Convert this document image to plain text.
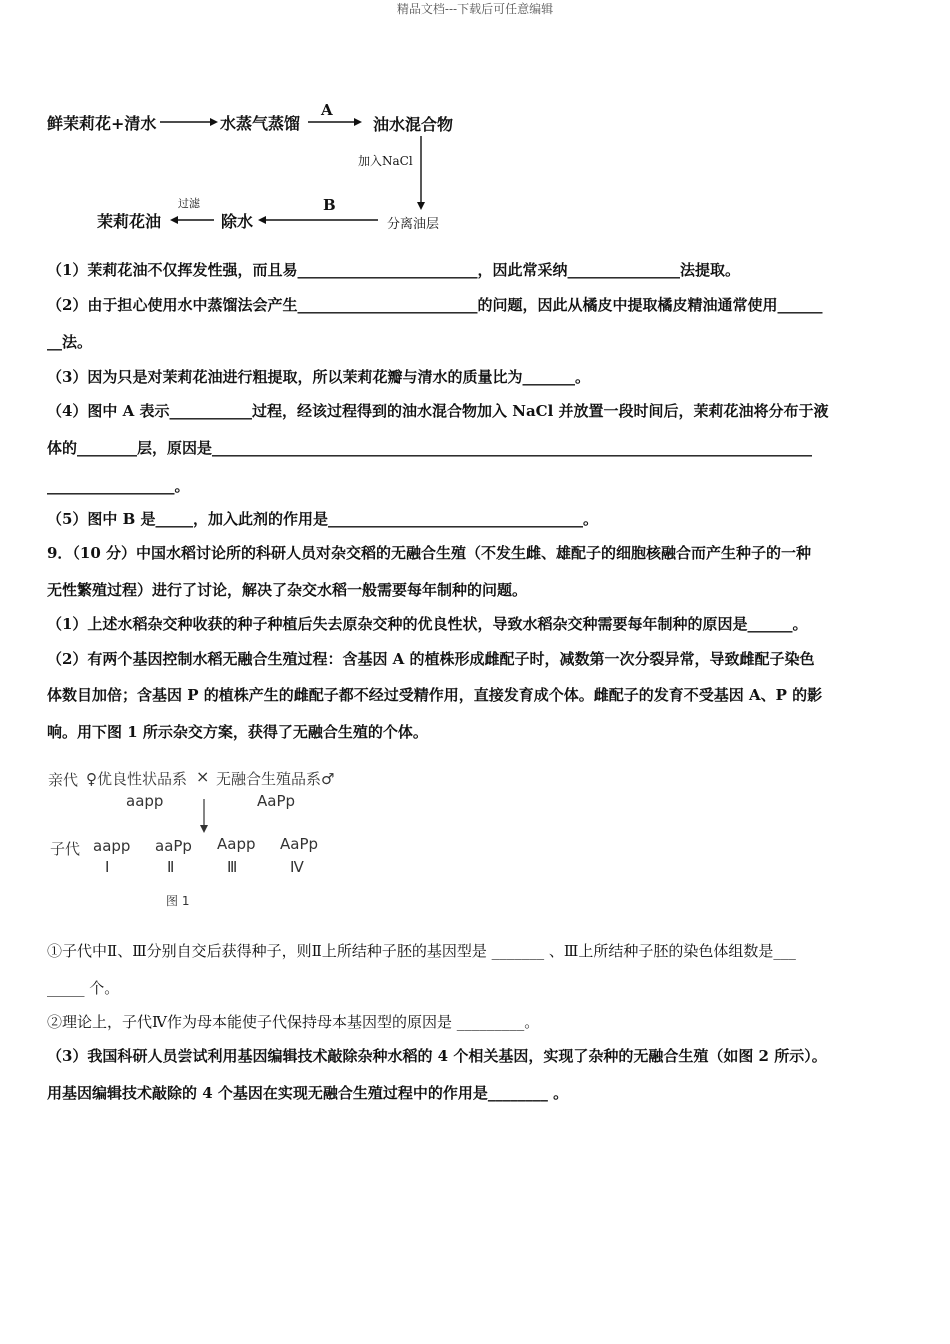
精品文档---下载后可任意编辑
鲜茉莉花+清水	水蒸气蒸馏
A
油水混合物
加入NaCl
分离油层
B
除水
过滤
茉莉花油
（1）茉莉花油不仅挥发性强，而且易________________________，因此常采纳_______________法提取。
（2）由于担心使用水中蒸馏法会产生________________________的问题，因此从橘皮中提取橘皮精油通常使用______
__法。
（3）因为只是对茉莉花油进行粗提取，所以茉莉花瓣与清水的质量比为_______。
（4）图中 A 表示___________过程，经该过程得到的油水混合物加入 NaCl 并放置一段时间后，茉莉花油将分布于液
体的________层，原因是________________________________________________________________________________
_________________。
（5）图中 B 是_____，加入此剂的作用是__________________________________。
9．（10 分）中国水稻讨论所的科研人员对杂交稻的无融合生殖（不发生雌、雄配子的细胞核融合而产生种子的一种
无性繁殖过程）进行了讨论，解决了杂交水稻一般需要每年制种的问题。
（1）上述水稻杂交种收获的种子种植后失去原杂交种的优良性状，导致水稻杂交种需要每年制种的原因是______。
（2）有两个基因控制水稻无融合生殖过程：含基因 A 的植株形成雌配子时，减数第一次分裂异常，导致雌配子染色
体数目加倍；含基因 P 的植株产生的雌配子都不经过受精作用，直接发育成个体。雌配子的发育不受基因 A、P 的影
响。用下图 1 所示杂交方案，获得了无融合生殖的个体。
亲代 ♀优良性状品系 × 无融合生殖品系♂
aapp	AaPp
子代 aapp
Ⅰ
aaPp
Ⅱ
Aapp
Ⅲ
AaPp
Ⅳ
图 1
①子代中Ⅱ、Ⅲ分别自交后获得种子，则Ⅱ上所结种子胚的基因型是 _______ 、Ⅲ上所结种子胚的染色体组数是___
_____ 个。
②理论上，子代Ⅳ作为母本能使子代保持母本基因型的原因是 _________。
（3）我国科研人员尝试利用基因编辑技术敲除杂种水稻的 4 个相关基因，实现了杂种的无融合生殖（如图 2 所示）。
用基因编辑技术敲除的 4 个基因在实现无融合生殖过程中的作用是________ 。
